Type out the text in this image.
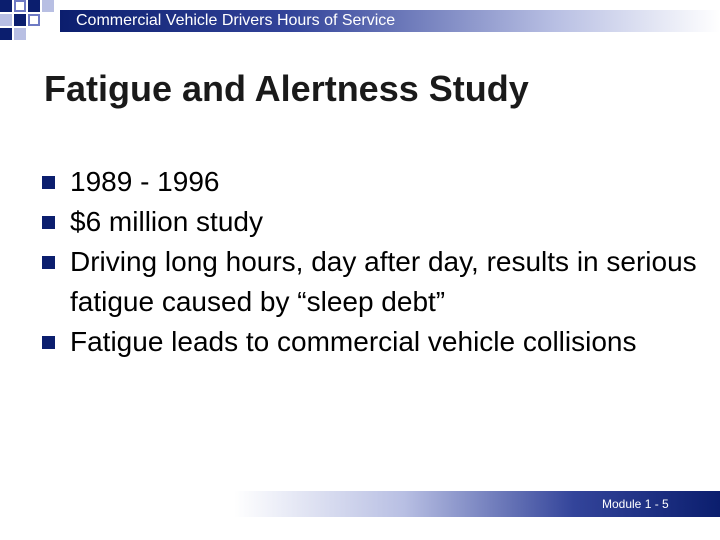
Commercial Vehicle Drivers Hours of Service
Fatigue and Alertness Study
1989 - 1996
$6 million study
Driving long hours, day after day, results in serious fatigue caused by “sleep debt”
Fatigue leads to commercial vehicle collisions
Module 1 - 5
